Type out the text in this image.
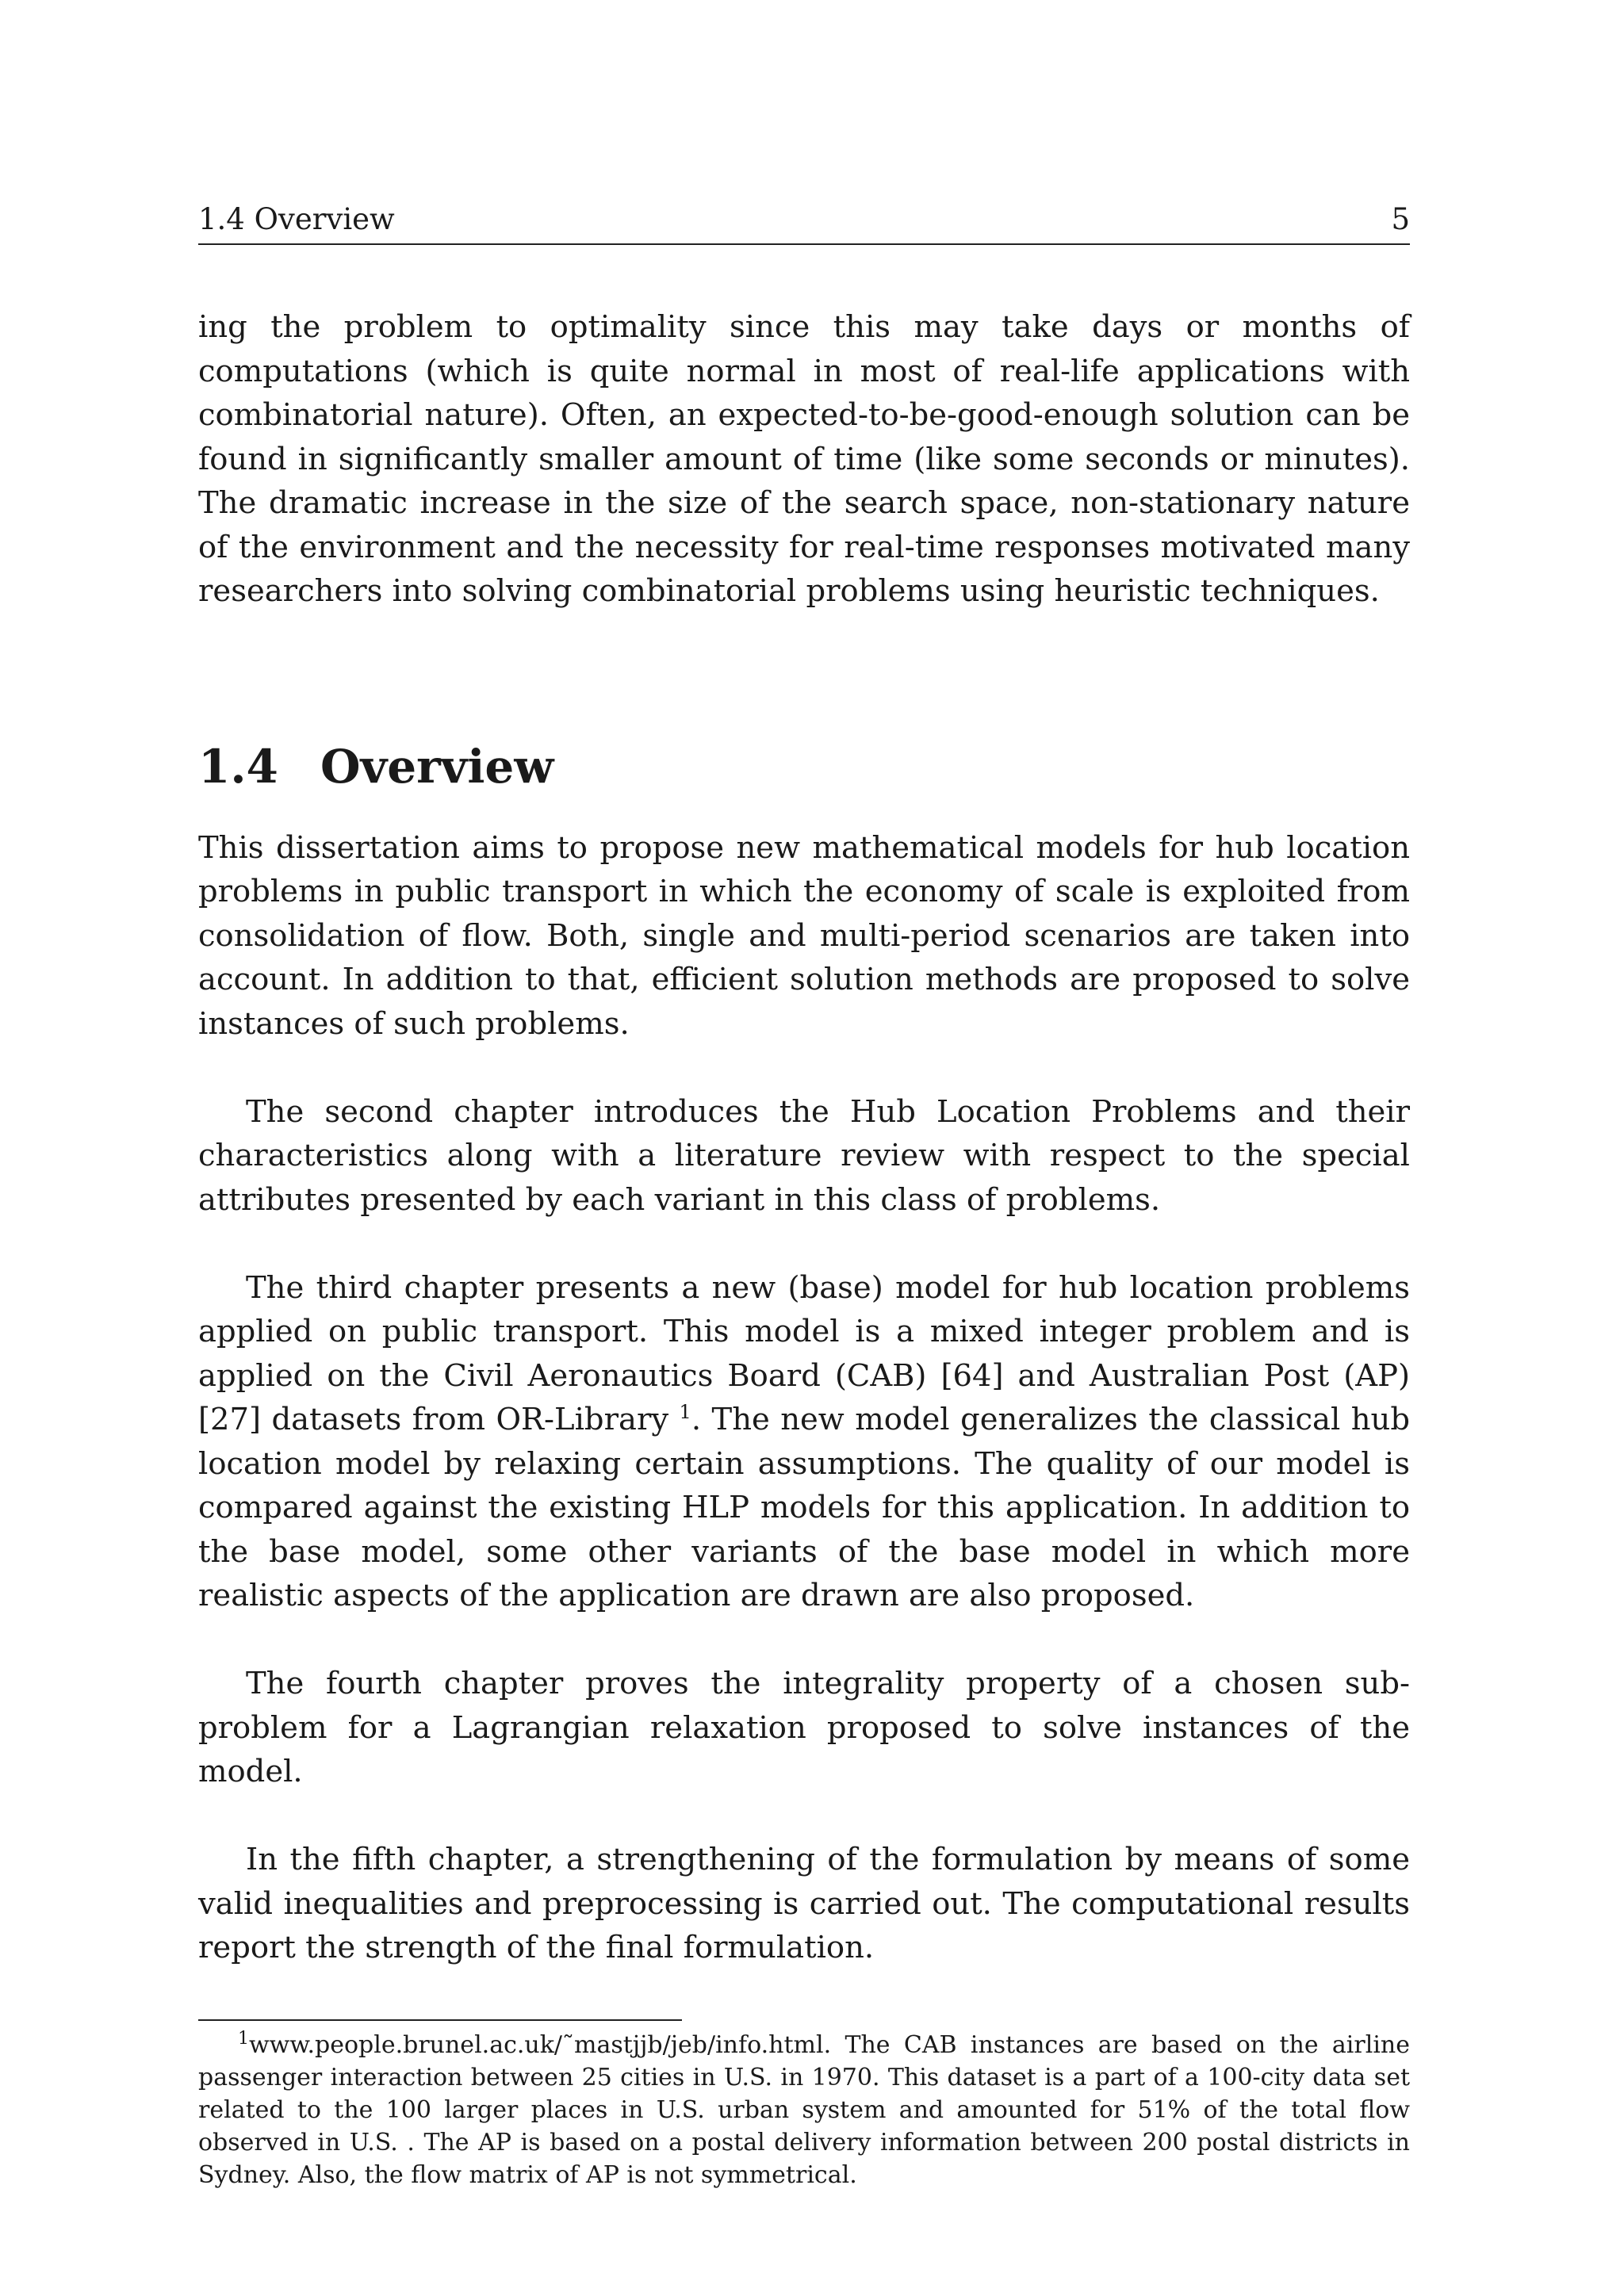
1.4 Overview	5

ing the problem to optimality since this may take days or months of computations (which is quite normal in most of real-life applications with combinatorial nature). Often, an expected-to-be-good-enough solution can be found in significantly smaller amount of time (like some seconds or minutes). The dramatic increase in the size of the search space, non-stationary nature of the environment and the necessity for real-time responses motivated many researchers into solving combinatorial problems using heuristic techniques.

1.4 Overview

This dissertation aims to propose new mathematical models for hub location problems in public transport in which the economy of scale is exploited from consolidation of flow. Both, single and multi-period scenarios are taken into account. In addition to that, efficient solution methods are proposed to solve instances of such problems.

The second chapter introduces the Hub Location Problems and their characteristics along with a literature review with respect to the special attributes presented by each variant in this class of problems.

The third chapter presents a new (base) model for hub location problems applied on public transport. This model is a mixed integer problem and is applied on the Civil Aeronautics Board (CAB) [64] and Australian Post (AP) [27] datasets from OR-Library $^1$. The new model generalizes the classical hub location model by relaxing certain assumptions. The quality of our model is compared against the existing HLP models for this application. In addition to the base model, some other variants of the base model in which more realistic aspects of the application are drawn are also proposed.

The fourth chapter proves the integrality property of a chosen sub-problem for a Lagrangian relaxation proposed to solve instances of the model.

In the fifth chapter, a strengthening of the formulation by means of some valid inequalities and preprocessing is carried out. The computational results report the strength of the final formulation.

$^1$www.people.brunel.ac.uk/˜mastjjb/jeb/info.html. The CAB instances are based on the airline passenger interaction between 25 cities in U.S. in 1970. This dataset is a part of a 100-city data set related to the 100 larger places in U.S. urban system and amounted for 51% of the total flow observed in U.S. . The AP is based on a postal delivery information between 200 postal districts in Sydney. Also, the flow matrix of AP is not symmetrical.
